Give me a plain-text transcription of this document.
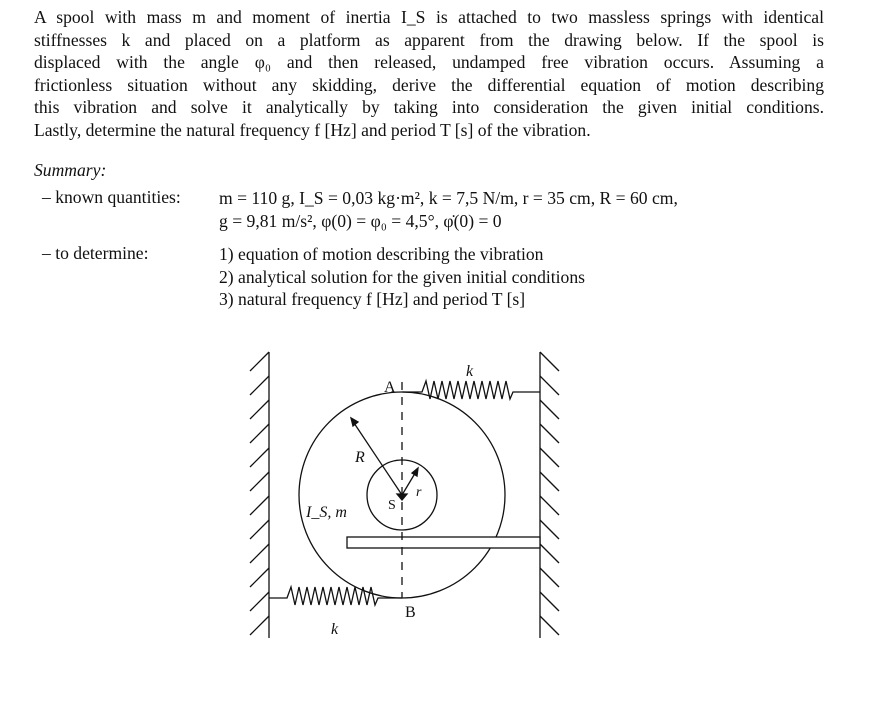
A spool with mass m and moment of inertia I_S is attached to two massless springs with identical
stiffnesses k and placed on a platform as apparent from the drawing below. If the spool is
displaced with the angle φ₀ and then released, undamped free vibration occurs. Assuming a
frictionless situation without any skidding, derive the differential equation of motion describing
this vibration and solve it analytically by taking into consideration the given initial conditions.
Lastly, determine the natural frequency f [Hz] and period T [s] of the vibration.
Summary:
– known quantities: m = 110 g, I_S = 0,03 kg·m², k = 7,5 N/m, r = 35 cm, R = 60 cm,
g = 9,81 m/s², φ(0) = φ₀ = 4,5°, φ̇(0) = 0
– to determine:	1) equation of motion describing the vibration
2) analytical solution for the given initial conditions
3) natural frequency f [Hz] and period T [s]
A
B
S
R
r
k
k
I_S, m
